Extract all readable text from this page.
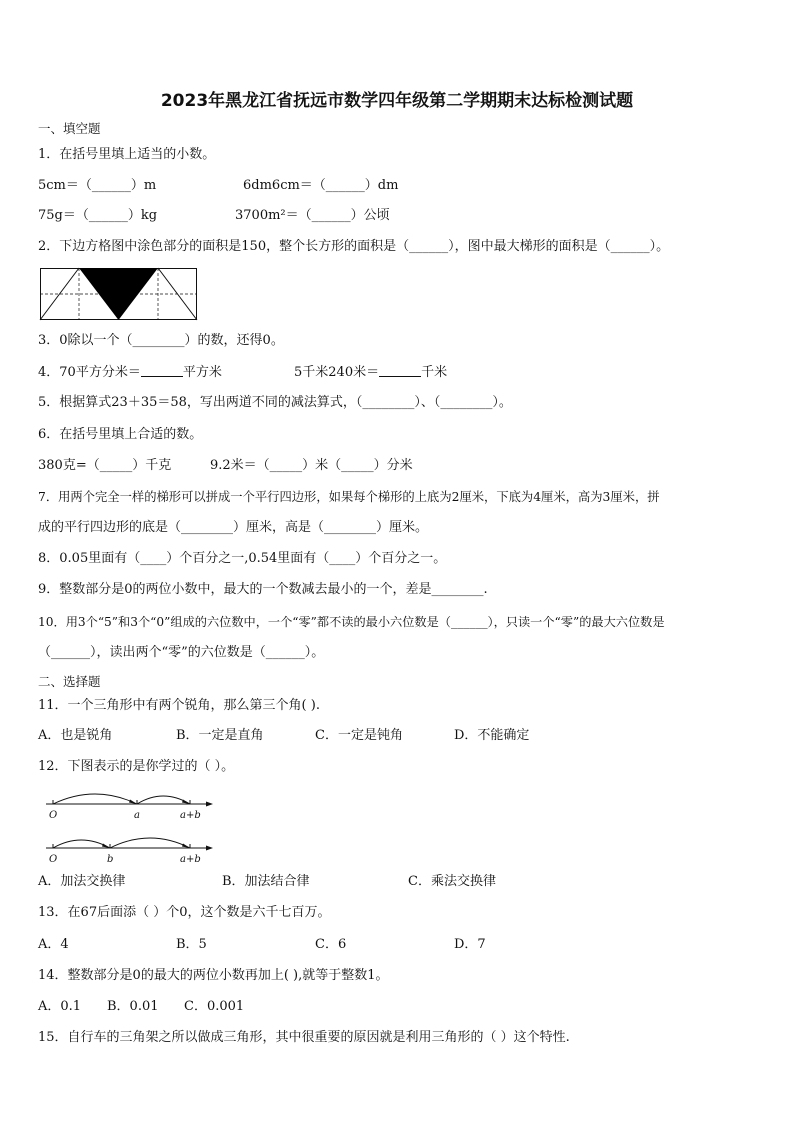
2023年黑龙江省抚远市数学四年级第二学期期末达标检测试题
一、填空题
1．在括号里填上适当的小数。
5cm＝（______）m	6dm6cm＝（______）dm
75g＝（______）kg	3700m²＝（______）公顷
2．下边方格图中涂色部分的面积是150，整个长方形的面积是（______），图中最大梯形的面积是（______）。
3．0除以一个（________）的数，还得0。
4．70平方分米＝	平方米	5千米240米＝	千米
5．根据算式23＋35＝58，写出两道不同的减法算式，（________）、（________）。
6．在括号里填上合适的数。
380克=（_____）千克	9.2米＝（_____）米（_____）分米
7．用两个完全一样的梯形可以拼成一个平行四边形，如果每个梯形的上底为2厘米，下底为4厘米，高为3厘米，拼
成的平行四边形的底是（________）厘米，高是（________）厘米。
8．0.05里面有（____）个百分之一,0.54里面有（____）个百分之一。
9．整数部分是0的两位小数中，最大的一个数减去最小的一个，差是________.
10．用3个“5”和3个“0”组成的六位数中，一个“零”都不读的最小六位数是（______），只读一个“零”的最大六位数是
（______），读出两个“零”的六位数是（______）。
二、选择题
11．一个三角形中有两个锐角，那么第三个角( ).
A．也是锐角	B．一定是直角	C．一定是钝角	D．不能确定
12．下图表示的是你学过的（ ）。
O	a	a+b
O	b	a+b
A．加法交换律	B．加法结合律	C．乘法交换律
13．在67后面添（ ）个0，这个数是六千七百万。
A．4	B．5	C．6	D．7
14．整数部分是0的最大的两位小数再加上( ),就等于整数1。
A．0.1 B．0.01 C．0.001
15．自行车的三角架之所以做成三角形，其中很重要的原因就是利用三角形的（ ）这个特性.
